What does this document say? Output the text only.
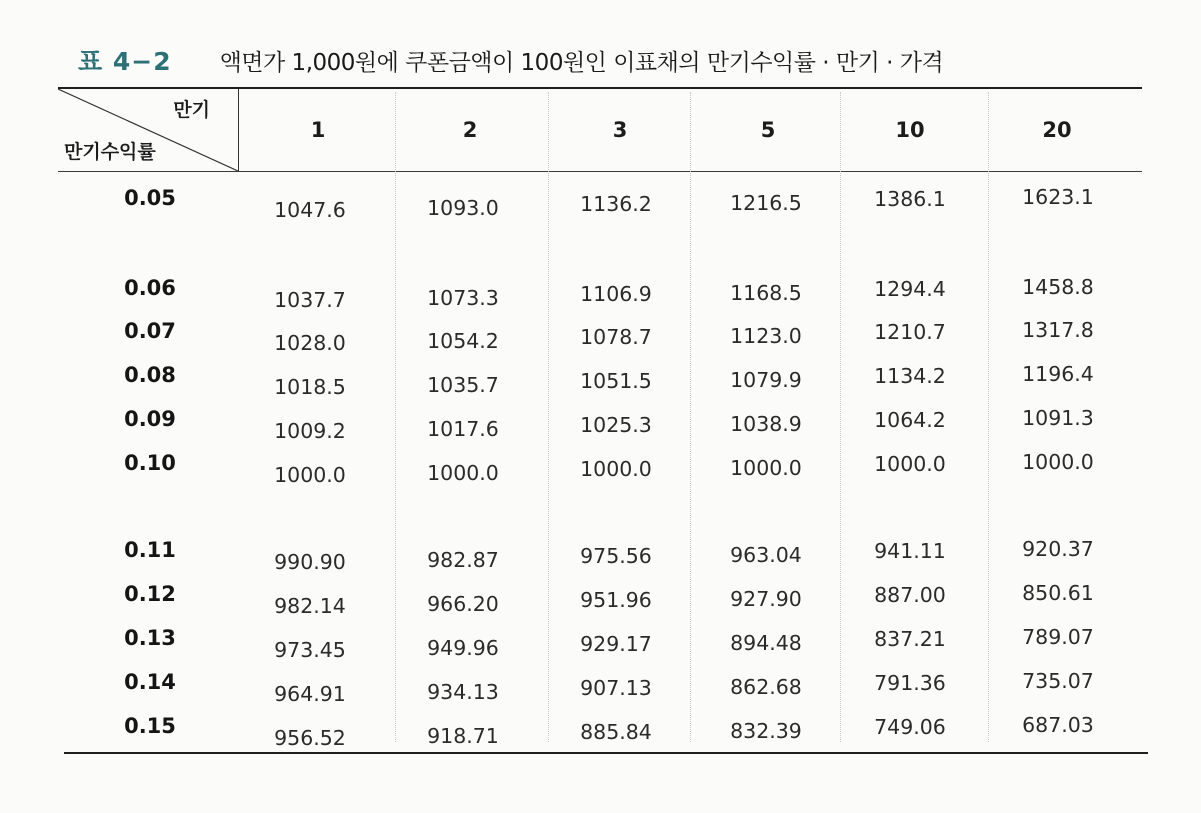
표 4−2 액면가 1,000원에 쿠폰금액이 100원인 이표채의 만기수익률 · 만기 · 가격
만기
만기수익률
1	2	3	5	10	20
0.05	1047.6	1093.0	1136.2	1216.5	1386.1	1623.1
0.06	1037.7	1073.3	1106.9	1168.5	1294.4	1458.8
0.07	1028.0	1054.2	1078.7	1123.0	1210.7	1317.8
0.08	1018.5	1035.7	1051.5	1079.9	1134.2	1196.4
0.09	1009.2	1017.6	1025.3	1038.9	1064.2	1091.3
0.10	1000.0	1000.0	1000.0	1000.0	1000.0	1000.0
0.11	990.90	982.87	975.56	963.04	941.11	920.37
0.12	982.14	966.20	951.96	927.90	887.00	850.61
0.13	973.45	949.96	929.17	894.48	837.21	789.07
0.14	964.91	934.13	907.13	862.68	791.36	735.07
0.15	956.52	918.71	885.84	832.39	749.06	687.03
